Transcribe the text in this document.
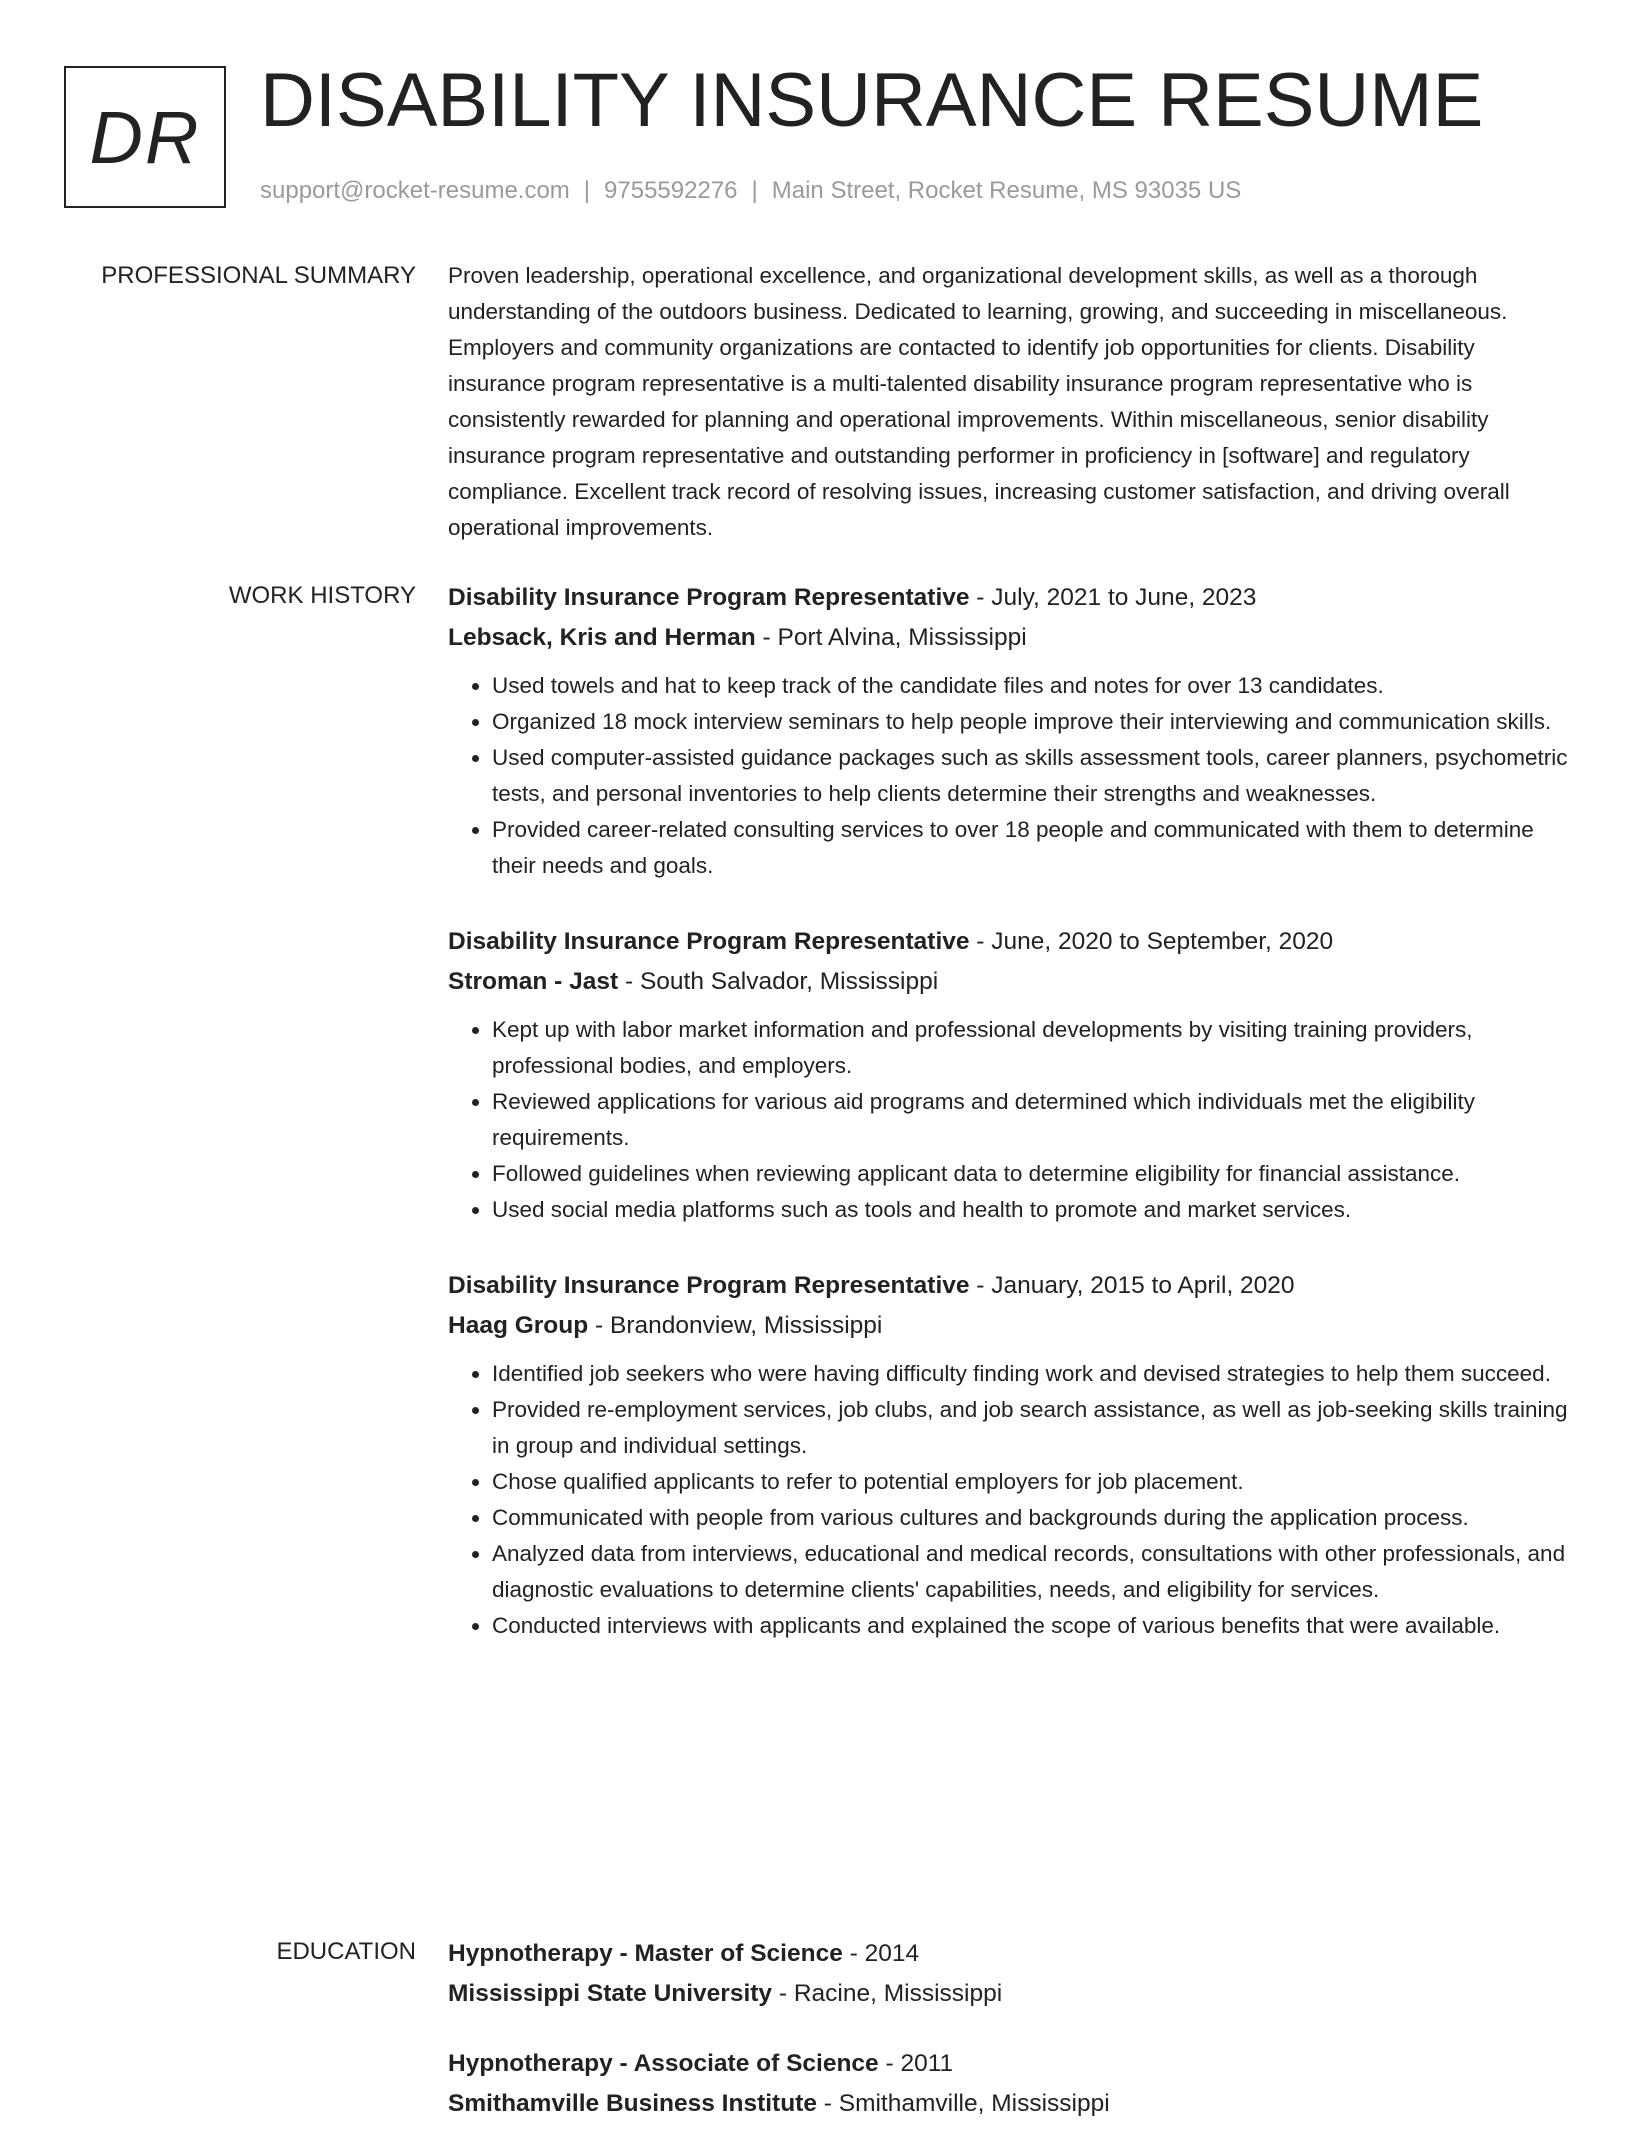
DR DISABILITY INSURANCE RESUME
support@rocket-resume.com | 9755592276 | Main Street, Rocket Resume, MS 93035 US
PROFESSIONAL SUMMARY Proven leadership, operational excellence, and organizational development skills, as well as a thorough understanding of the outdoors business. Dedicated to learning, growing, and succeeding in miscellaneous. Employers and community organizations are contacted to identify job opportunities for clients. Disability insurance program representative is a multi-talented disability insurance program representative who is consistently rewarded for planning and operational improvements. Within miscellaneous, senior disability insurance program representative and outstanding performer in proficiency in [software] and regulatory compliance. Excellent track record of resolving issues, increasing customer satisfaction, and driving overall operational improvements.

WORK HISTORY Disability Insurance Program Representative - July, 2021 to June, 2023

Lebsack, Kris and Herman - Port Alvina, Mississippi

• Used towels and hat to keep track of the candidate files and notes for over 13 candidates.
• Organized 18 mock interview seminars to help people improve their interviewing and communication skills.
• Used computer-assisted guidance packages such as skills assessment tools, career planners, psychometric tests, and personal inventories to help clients determine their strengths and weaknesses.
• Provided career-related consulting services to over 18 people and communicated with them to determine their needs and goals.

Disability Insurance Program Representative - June, 2020 to September, 2020

Stroman - Jast - South Salvador, Mississippi

• Kept up with labor market information and professional developments by visiting training providers, professional bodies, and employers.
• Reviewed applications for various aid programs and determined which individuals met the eligibility requirements.
• Followed guidelines when reviewing applicant data to determine eligibility for financial assistance.
• Used social media platforms such as tools and health to promote and market services.

Disability Insurance Program Representative - January, 2015 to April, 2020

Haag Group - Brandonview, Mississippi

• Identified job seekers who were having difficulty finding work and devised strategies to help them succeed.
• Provided re-employment services, job clubs, and job search assistance, as well as job-seeking skills training in group and individual settings.
• Chose qualified applicants to refer to potential employers for job placement.
• Communicated with people from various cultures and backgrounds during the application process.
• Analyzed data from interviews, educational and medical records, consultations with other professionals, and diagnostic evaluations to determine clients' capabilities, needs, and eligibility for services.
• Conducted interviews with applicants and explained the scope of various benefits that were available.
EDUCATION Hypnotherapy - Master of Science - 2014

Mississippi State University - Racine, Mississippi

Hypnotherapy - Associate of Science - 2011

Smithamville Business Institute - Smithamville, Mississippi
